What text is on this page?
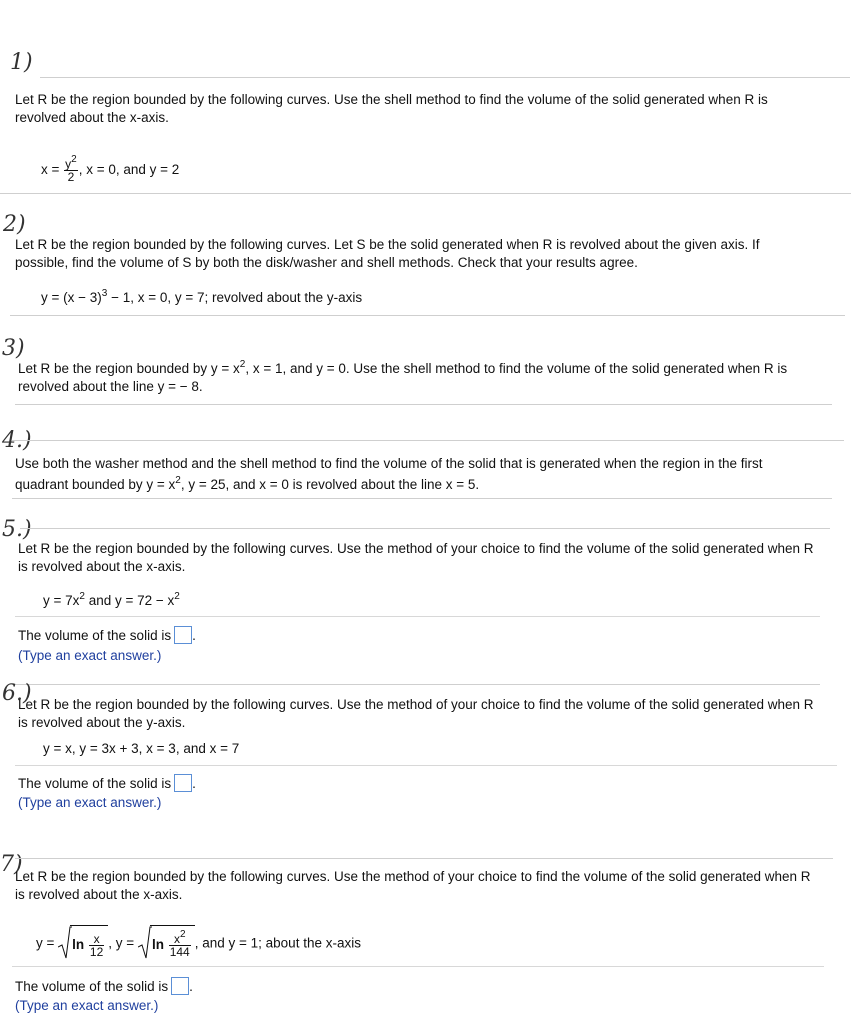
1)
Let R be the region bounded by the following curves. Use the shell method to find the volume of the solid generated when R is revolved about the x-axis.
$x = \frac{y^2}{2}$ , x = 0, and y = 2
2)
Let R be the region bounded by the following curves. Let S be the solid generated when R is revolved about the given axis. If possible, find the volume of S by both the disk/washer and shell methods. Check that your results agree.
$y = (x - 3)^3 - 1$, x = 0, y = 7; revolved about the y-axis
3)
Let R be the region bounded by $y = x^2$, x = 1, and y = 0. Use the shell method to find the volume of the solid generated when R is revolved about the line y = − 8.
4.)
Use both the washer method and the shell method to find the volume of the solid that is generated when the region in the first quadrant bounded by $y = x^2$, y = 25, and x = 0 is revolved about the line x = 5.
5.)
Let R be the region bounded by the following curves. Use the method of your choice to find the volume of the solid generated when R is revolved about the x-axis.
$y = 7x^2$ and $y = 72 - x^2$
The volume of the solid is .
(Type an exact answer.)
6.)
Let R be the region bounded by the following curves. Use the method of your choice to find the volume of the solid generated when R is revolved about the y-axis.
y = x, y = 3x + 3, x = 3, and x = 7
The volume of the solid is .
(Type an exact answer.)
7)
Let R be the region bounded by the following curves. Use the method of your choice to find the volume of the solid generated when R is revolved about the x-axis.
$y = \ln \frac{x}{12}$ , $y = \ln \frac{x^2}{144}$ , and y = 1; about the x-axis
The volume of the solid is .
(Type an exact answer.)
